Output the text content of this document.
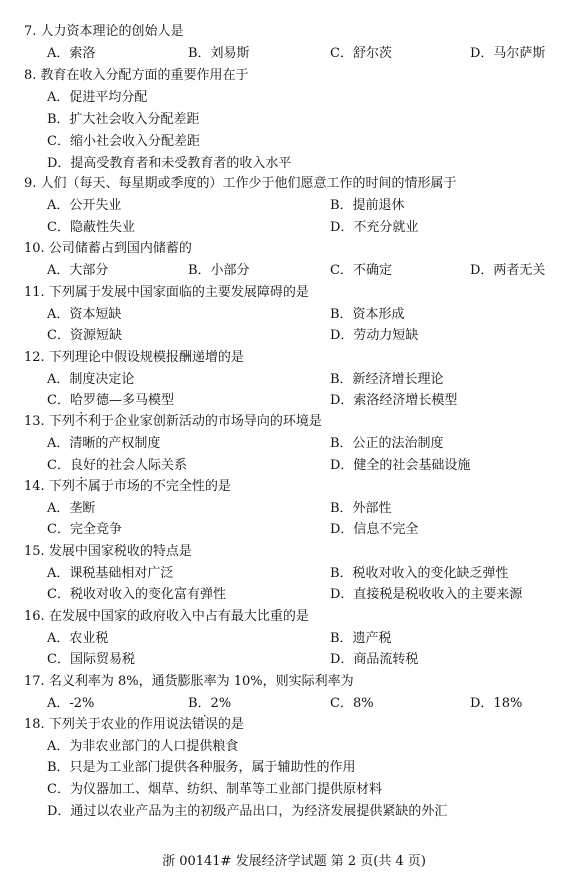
7. 人力资本理论的创始人是
A．索洛	B．刘易斯	C．舒尔茨	D．马尔萨斯
8. 教育在收入分配方面的重要作用在于
A．促进平均分配
B．扩大社会收入分配差距
C．缩小社会收入分配差距
D．提高受教育者和未受教育者的收入水平
9. 人们（每天、每星期或季度的）工作少于他们愿意工作的时间的情形属于
A．公开失业	B．提前退休
C．隐蔽性失业	D．不充分就业
10. 公司储蓄占到国内储蓄的
A．大部分	B．小部分	C．不确定	D．两者无关
11. 下列属于发展中国家面临的主要发展障碍的是
A．资本短缺	B．资本形成
C．资源短缺	D．劳动力短缺
12. 下列理论中假设规模报酬递增的是
A．制度决定论	B．新经济增长理论
C．哈罗德—多马模型	D．索洛经济增长模型
13. 下列不利于企业家创新活动的市场导向的环境是
A．清晰的产权制度	B．公正的法治制度
C．良好的社会人际关系	D．健全的社会基础设施
14. 下列不属于市场的不完全性的是
A．垄断	B．外部性
C．完全竞争	D．信息不完全
15. 发展中国家税收的特点是
A．课税基础相对广泛	B．税收对收入的变化缺乏弹性
C．税收对收入的变化富有弹性	D．直接税是税收收入的主要来源
16. 在发展中国家的政府收入中占有最大比重的是
A．农业税	B．遗产税
C．国际贸易税	D．商品流转税
17. 名义利率为 8%，通货膨胀率为 10%，则实际利率为
A．-2%	B．2%	C．8%	D．18%
18. 下列关于农业的作用说法错误的是
A．为非农业部门的人口提供粮食
B．只是为工业部门提供各种服务，属于辅助性的作用
C．为仪器加工、烟草、纺织、制革等工业部门提供原材料
D．通过以农业产品为主的初级产品出口，为经济发展提供紧缺的外汇
浙 00141# 发展经济学试题 第 2 页(共 4 页)
